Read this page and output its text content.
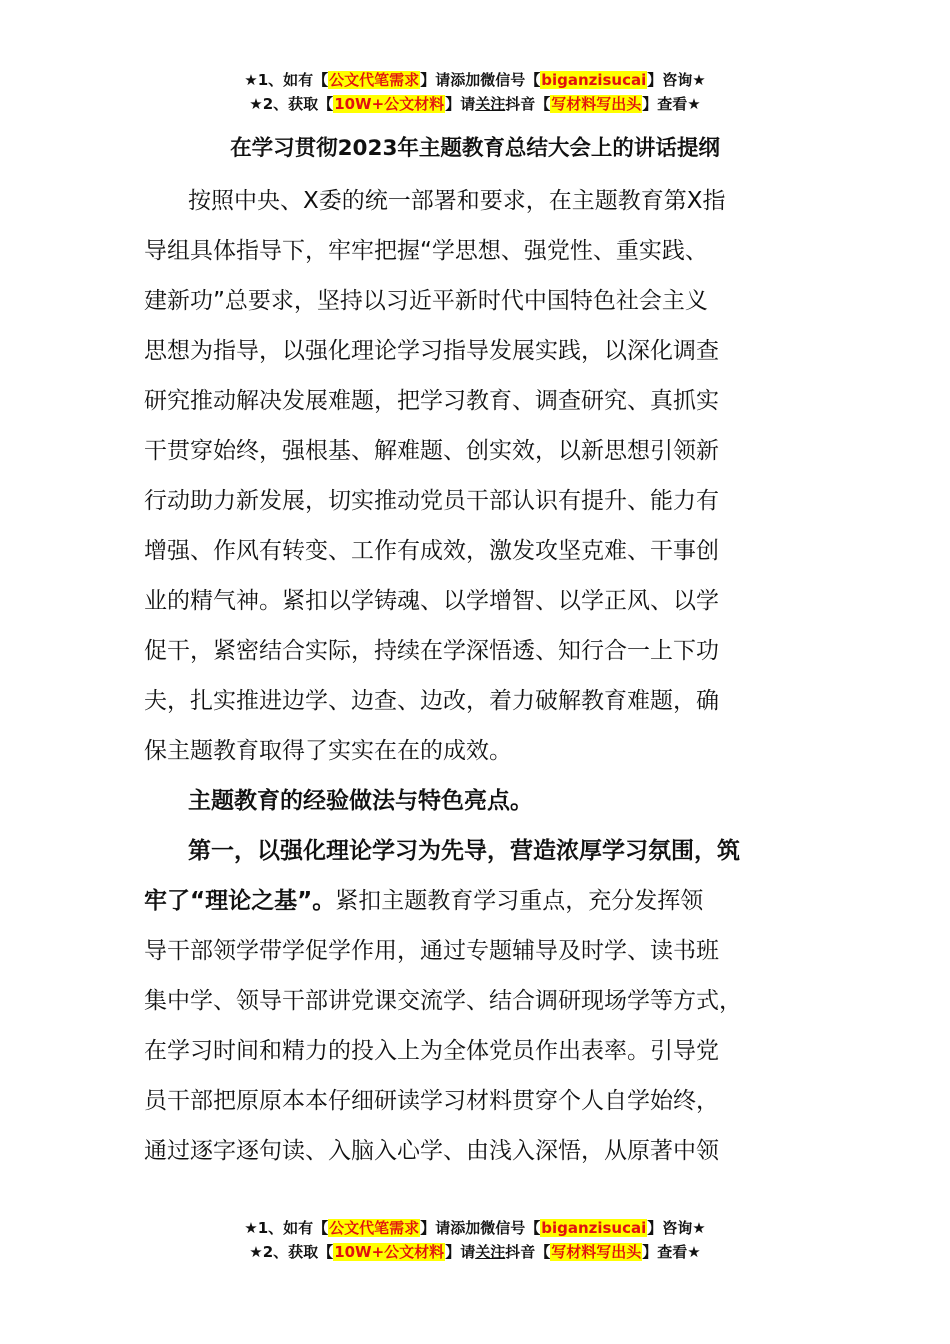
★1、如有【公文代笔需求】请添加微信号【biganzisucai】咨询★
★2、获取【10W+公文材料】请关注抖音【写材料写出头】查看★
在学习贯彻2023年主题教育总结大会上的讲话提纲
按照中央、X委的统一部署和要求，在主题教育第X指
导组具体指导下，牢牢把握“学思想、强党性、重实践、
建新功”总要求，坚持以习近平新时代中国特色社会主义
思想为指导，以强化理论学习指导发展实践，以深化调查
研究推动解决发展难题，把学习教育、调查研究、真抓实
干贯穿始终，强根基、解难题、创实效，以新思想引领新
行动助力新发展，切实推动党员干部认识有提升、能力有
增强、作风有转变、工作有成效，激发攻坚克难、干事创
业的精气神。紧扣以学铸魂、以学增智、以学正风、以学
促干，紧密结合实际，持续在学深悟透、知行合一上下功
夫，扎实推进边学、边查、边改，着力破解教育难题，确
保主题教育取得了实实在在的成效。
主题教育的经验做法与特色亮点。
第一，以强化理论学习为先导，营造浓厚学习氛围，筑
牢了“理论之基”。紧扣主题教育学习重点，充分发挥领
导干部领学带学促学作用，通过专题辅导及时学、读书班
集中学、领导干部讲党课交流学、结合调研现场学等方式，
在学习时间和精力的投入上为全体党员作出表率。引导党
员干部把原原本本仔细研读学习材料贯穿个人自学始终，
通过逐字逐句读、入脑入心学、由浅入深悟，从原著中领
★1、如有【公文代笔需求】请添加微信号【biganzisucai】咨询★
★2、获取【10W+公文材料】请关注抖音【写材料写出头】查看★
